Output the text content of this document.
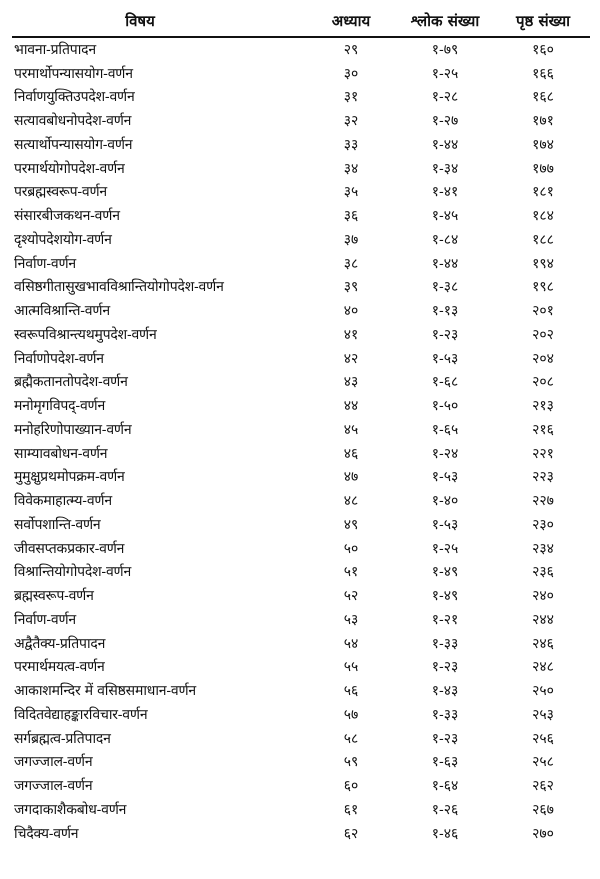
विषय	अध्याय	श्लोक संख्या	पृष्ठ संख्या
भावना-प्रतिपादन	२९	१-७९	१६०
परमार्थोपन्यासयोग-वर्णन	३०	१-२५	१६६
निर्वाणयुक्तिउपदेश-वर्णन	३१	१-२८	१६८
सत्यावबोधनोपदेश-वर्णन	३२	१-२७	१७१
सत्यार्थोपन्यासयोग-वर्णन	३३	१-४४	१७४
परमार्थयोगोपदेश-वर्णन	३४	१-३४	१७७
परब्रह्मस्वरूप-वर्णन	३५	१-४१	१८१
संसारबीजकथन-वर्णन	३६	१-४५	१८४
दृश्योपदेशयोग-वर्णन	३७	१-८४	१८८
निर्वाण-वर्णन	३८	१-४४	१९४
वसिष्ठगीतासुखभावविश्रान्तियोगोपदेश-वर्णन	३९	१-३८	१९८
आत्मविश्रान्ति-वर्णन	४०	१-१३	२०१
स्वरूपविश्रान्त्यथमुपदेश-वर्णन	४१	१-२३	२०२
निर्वाणोपदेश-वर्णन	४२	१-५३	२०४
ब्रह्मैकतानतोपदेश-वर्णन	४३	१-६८	२०८
मनोमृगविपद्-वर्णन	४४	१-५०	२१३
मनोहरिणोपाख्यान-वर्णन	४५	१-६५	२१६
साम्यावबोधन-वर्णन	४६	१-२४	२२१
मुमुक्षुप्रथमोपक्रम-वर्णन	४७	१-५३	२२३
विवेकमाहात्म्य-वर्णन	४८	१-४०	२२७
सर्वोपशान्ति-वर्णन	४९	१-५३	२३०
जीवसप्तकप्रकार-वर्णन	५०	१-२५	२३४
विश्रान्तियोगोपदेश-वर्णन	५१	१-४९	२३६
ब्रह्मस्वरूप-वर्णन	५२	१-४९	२४०
निर्वाण-वर्णन	५३	१-२१	२४४
अद्वैतैक्य-प्रतिपादन	५४	१-३३	२४६
परमार्थमयत्व-वर्णन	५५	१-२३	२४८
आकाशमन्दिर में वसिष्ठसमाधान-वर्णन	५६	१-४३	२५०
विदितवेद्याहङ्कारविचार-वर्णन	५७	१-३३	२५३
सर्गब्रह्मत्व-प्रतिपादन	५८	१-२३	२५६
जगज्जाल-वर्णन	५९	१-६३	२५८
जगज्जाल-वर्णन	६०	१-६४	२६२
जगदाकाशैकबोध-वर्णन	६१	१-२६	२६७
चिदैक्य-वर्णन	६२	१-४६	२७०
